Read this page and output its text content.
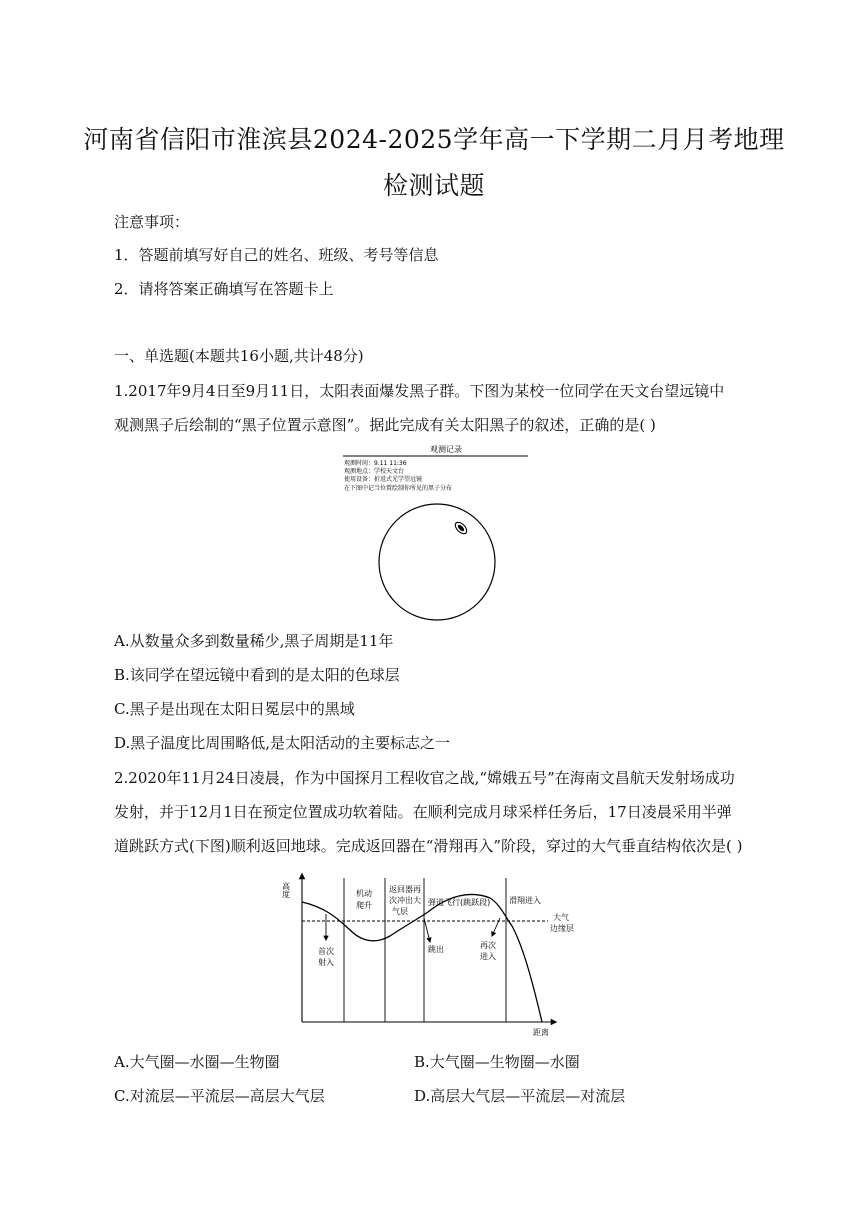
河南省信阳市淮滨县2024-2025学年高一下学期二月月考地理
检测试题
注意事项：
1．答题前填写好自己的姓名、班级、考号等信息
2．请将答案正确填写在答题卡上
一、单选题(本题共16小题,共计48分)
1.2017年9月4日至9月11日，太阳表面爆发黑子群。下图为某校一位同学在天文台望远镜中
观测黑子后绘制的“黑子位置示意图”。据此完成有关太阳黑子的叙述，正确的是( )
观测记录
观测时间：9.11 11:36
观测地点：学校天文台
使用设备：折返式光学望远镜
在下图中记当位置绘制你所见的黑子分布
A.从数量众多到数量稀少,黑子周期是11年
B.该同学在望远镜中看到的是太阳的色球层
C.黑子是出现在太阳日冕层中的黑域
D.黑子温度比周围略低,是太阳活动的主要标志之一
2.2020年11月24日凌晨，作为中国探月工程收官之战,“嫦娥五号”在海南文昌航天发射场成功
发射，并于12月1日在预定位置成功软着陆。在顺利完成月球采样任务后，17日凌晨采用半弹
道跳跃方式(下图)顺利返回地球。完成返回器在“滑翔再入”阶段，穿过的大气垂直结构依次是( )
高度
距离
机动
爬升
返回器再
次冲出大
气层
弹道飞行(跳跃段) 滑翔进入
大气
边缘层
首次
射入
跳出	再次
进入
A.大气圈—水圈—生物圈	B.大气圈—生物圈—水圈
C.对流层—平流层—高层大气层	D.高层大气层—平流层—对流层
